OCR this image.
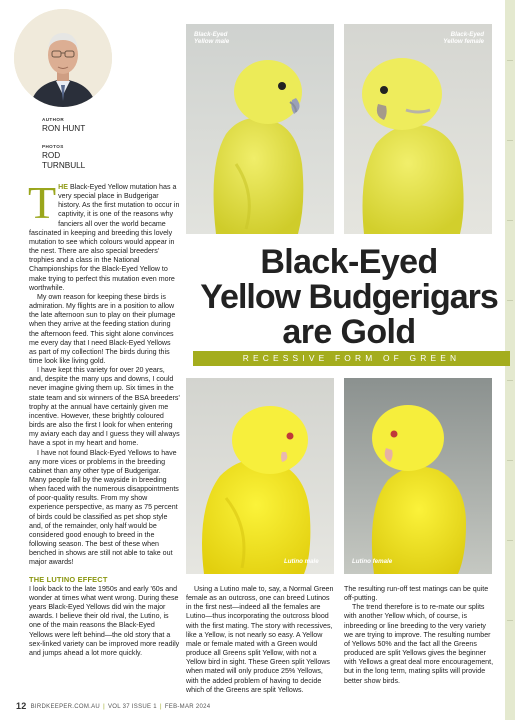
AUTHOR
RON HUNT
PHOTOS
ROD
TURNBULL

THE Black-Eyed Yellow mutation has a very special place in Budgerigar history. As the first mutation to occur in captivity, it is one of the reasons why fanciers all over the world became fascinated in keeping and breeding this lovely mutation to see which colours would appear in the nest. There are also special breeders' trophies and a class in the National Championships for the Black-Eyed Yellow to make trying to perfect this mutation even more worthwhile.

My own reason for keeping these birds is admiration. My flights are in a position to allow the late afternoon sun to play on their plumage when they arrive at the feeding station during the afternoon feed. This sight alone convinces me every day that I need Black-Eyed Yellows as part of my collection! The birds during this time look like living gold.

I have kept this variety for over 20 years, and, despite the many ups and downs, I could never imagine giving them up. Six times in the state team and six winners of the BSA breeders' trophy at the annual have certainly given me incentive. However, these brightly coloured birds are also the first I look for when entering my aviary each day and I guess they will always have a spot in my heart and home.

I have not found Black-Eyed Yellows to have any more vices or problems in the breeding cabinet than any other type of Budgerigar. Many people fall by the wayside in breeding when faced with the numerous disappointments of poor-quality results. From my show experience perspective, as many as 75 percent of birds could be classified as pet shop style and, of the remainder, only half would be considered good enough to breed in the following season. The best of these when benched in shows are still not able to take out major awards!

THE LUTINO EFFECT

I look back to the late 1950s and early '60s and wonder at times what went wrong. During these years Black-Eyed Yellows did win the major awards. I believe their old rival, the Lutino, is one of the main reasons the Black-Eyed Yellows were left behind—the old story that a sex-linked variety can be improved more readily and jumps ahead a lot more quickly.

Black-Eyed
Yellow male
Black-Eyed
Yellow female
Black-Eyed
Yellow Budgerigars
are Gold
RECESSIVE FORM OF GREEN
Lutino male	Lutino female

Using a Lutino male to, say, a Normal Green female as an outcross, one can breed Lutinos in the first nest—indeed all the females are Lutino—thus incorporating the outcross blood with the first mating. The story with recessives, like a Yellow, is not nearly so easy. A Yellow male or female mated with a Green would produce all Greens split Yellow, with not a Yellow bird in sight. These Green split Yellows when mated will only produce 25% Yellows, with the added problem of having to decide which of the Greens are split Yellows.

The resulting run-off test matings can be quite off-putting.

The trend therefore is to re-mate our splits with another Yellow which, of course, is inbreeding or line breeding to the very variety we are trying to improve. The resulting number of Yellows 50% and the fact all the Greens produced are split Yellows gives the beginner with Yellows a great deal more encouragement, but in the long term, mating splits will provide better show birds.

12 BIRDKEEPER.COM.AU | VOL 37 ISSUE 1 | FEB-MAR 2024
